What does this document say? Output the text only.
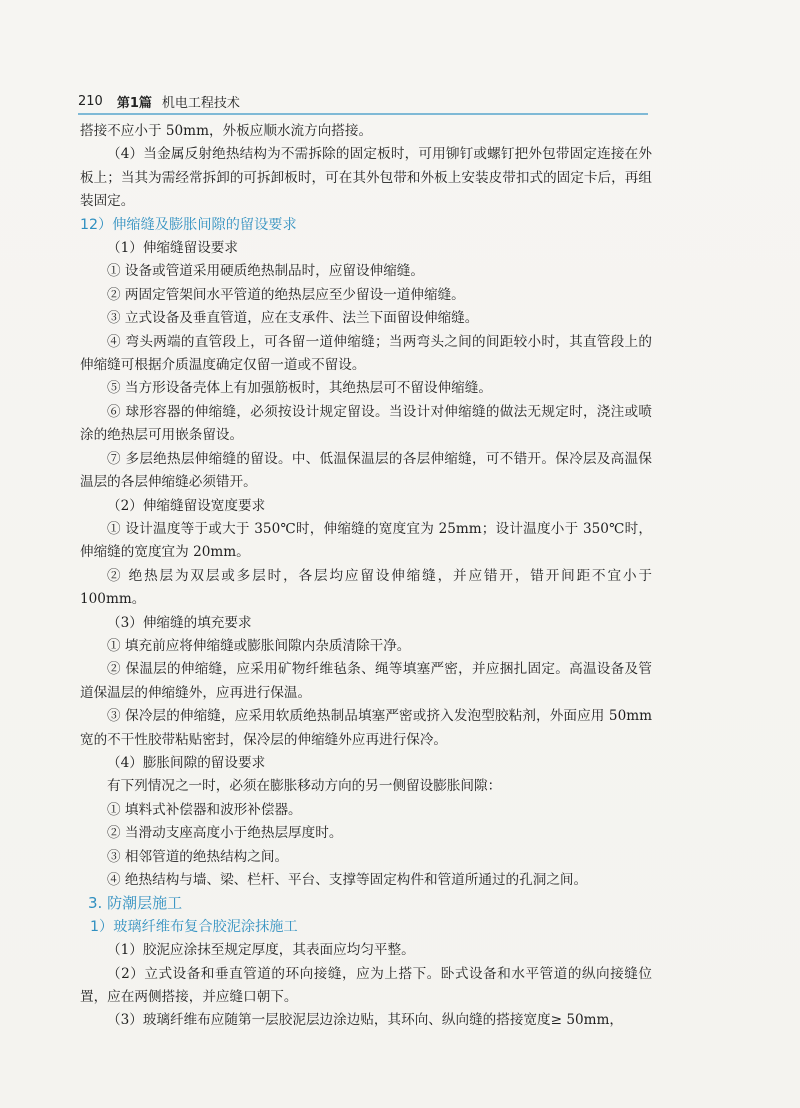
210 第1篇 机电工程技术

搭接不应小于 50mm，外板应顺水流方向搭接。

（4）当金属反射绝热结构为不需拆除的固定板时，可用铆钉或螺钉把外包带固定连接在外板上；当其为需经常拆卸的可拆卸板时，可在其外包带和外板上安装皮带扣式的固定卡后，再组装固定。

12）伸缩缝及膨胀间隙的留设要求

（1）伸缩缝留设要求

① 设备或管道采用硬质绝热制品时，应留设伸缩缝。

② 两固定管架间水平管道的绝热层应至少留设一道伸缩缝。

③ 立式设备及垂直管道，应在支承件、法兰下面留设伸缩缝。

④ 弯头两端的直管段上，可各留一道伸缩缝；当两弯头之间的间距较小时，其直管段上的伸缩缝可根据介质温度确定仅留一道或不留设。

⑤ 当方形设备壳体上有加强筋板时，其绝热层可不留设伸缩缝。

⑥ 球形容器的伸缩缝，必须按设计规定留设。当设计对伸缩缝的做法无规定时，浇注或喷涂的绝热层可用嵌条留设。

⑦ 多层绝热层伸缩缝的留设。中、低温保温层的各层伸缩缝，可不错开。保冷层及高温保温层的各层伸缩缝必须错开。

（2）伸缩缝留设宽度要求

① 设计温度等于或大于 350℃时，伸缩缝的宽度宜为 25mm；设计温度小于 350℃时，伸缩缝的宽度宜为 20mm。

② 绝热层为双层或多层时，各层均应留设伸缩缝，并应错开，错开间距不宜小于100mm。

（3）伸缩缝的填充要求

① 填充前应将伸缩缝或膨胀间隙内杂质清除干净。

② 保温层的伸缩缝，应采用矿物纤维毡条、绳等填塞严密，并应捆扎固定。高温设备及管道保温层的伸缩缝外，应再进行保温。

③ 保冷层的伸缩缝，应采用软质绝热制品填塞严密或挤入发泡型胶粘剂，外面应用 50mm 宽的不干性胶带粘贴密封，保冷层的伸缩缝外应再进行保冷。

（4）膨胀间隙的留设要求

有下列情况之一时，必须在膨胀移动方向的另一侧留设膨胀间隙：

① 填料式补偿器和波形补偿器。

② 当滑动支座高度小于绝热层厚度时。

③ 相邻管道的绝热结构之间。

④ 绝热结构与墙、梁、栏杆、平台、支撑等固定构件和管道所通过的孔洞之间。

3. 防潮层施工

1）玻璃纤维布复合胶泥涂抹施工

（1）胶泥应涂抹至规定厚度，其表面应均匀平整。

（2）立式设备和垂直管道的环向接缝，应为上搭下。卧式设备和水平管道的纵向接缝位置，应在两侧搭接，并应缝口朝下。

（3）玻璃纤维布应随第一层胶泥层边涂边贴，其环向、纵向缝的搭接宽度≥ 50mm，
